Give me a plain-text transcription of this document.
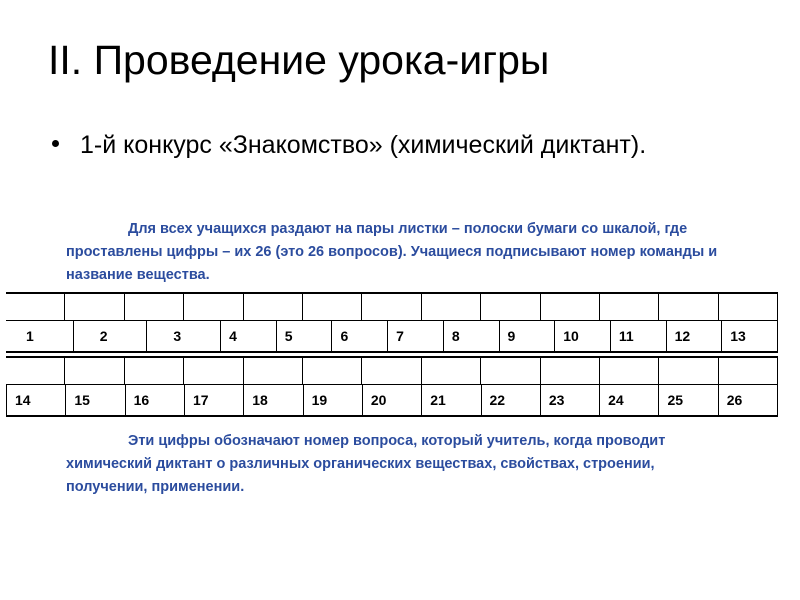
II. Проведение урока-игры
1-й конкурс «Знакомство» (химический диктант).
Для всех учащихся раздают на пары листки – полоски бумаги со шкалой, где проставлены цифры – их 26 (это 26 вопросов). Учащиеся подписывают номер команды и название вещества.
1	2	3	4	5	6	7	8	9	10	11	12	13
14	15	16	17	18	19	20	21	22	23	24	25	26
Эти цифры обозначают номер вопроса, который учитель, когда проводит химический диктант о различных органических веществах, свойствах, строении, получении, применении.
